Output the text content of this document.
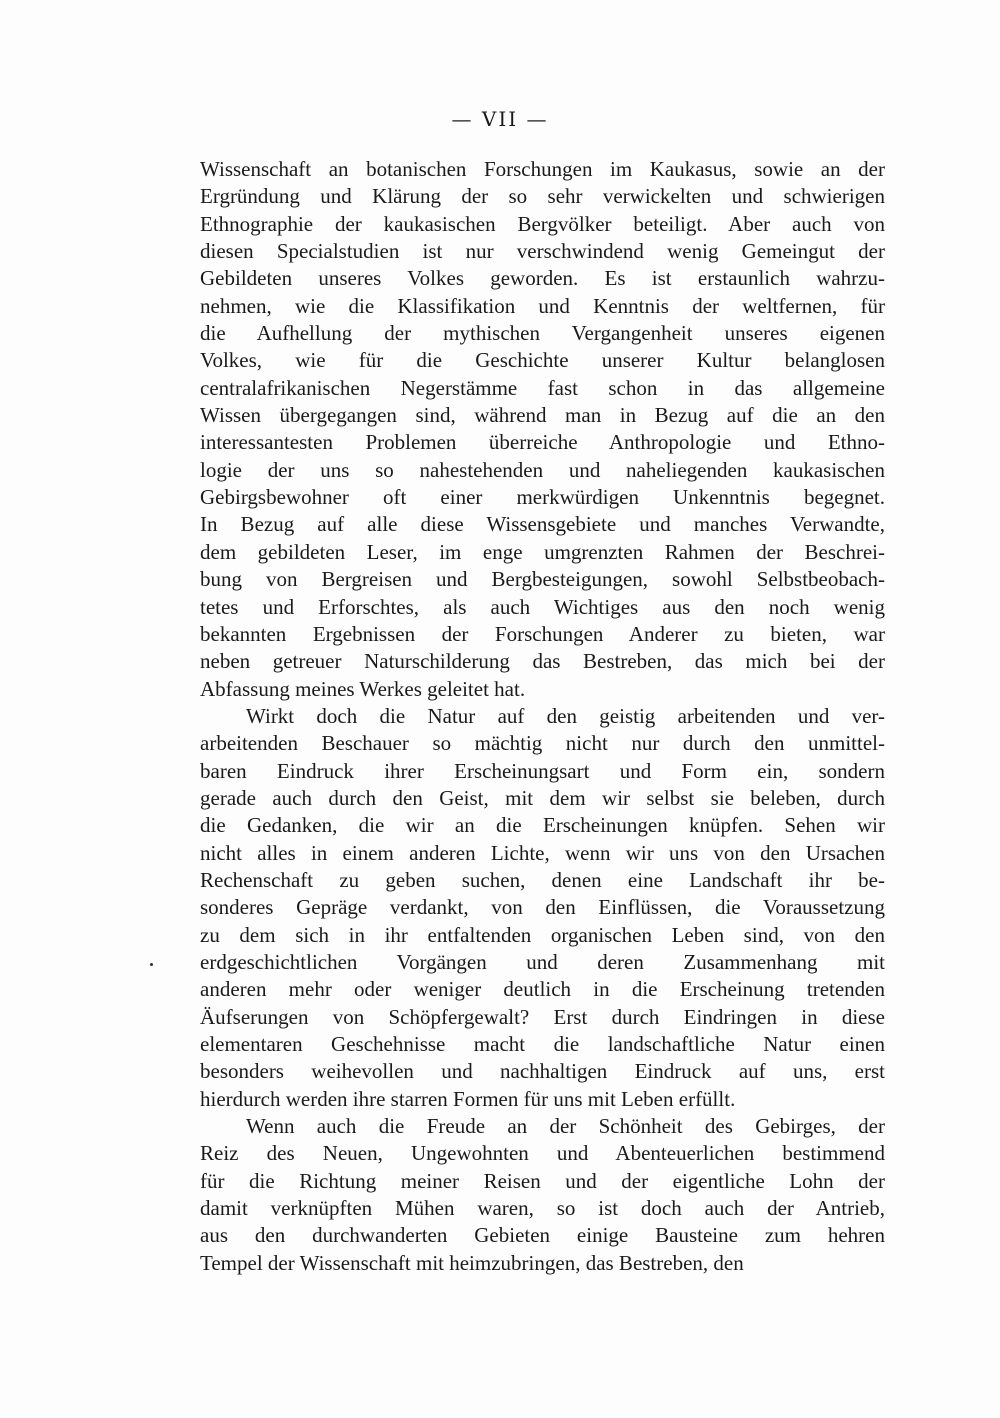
— VII —
Wissenschaft an botanischen Forschungen im Kaukasus, sowie an der
Ergründung und Klärung der so sehr verwickelten und schwierigen
Ethnographie der kaukasischen Bergvölker beteiligt. Aber auch von
diesen Specialstudien ist nur verschwindend wenig Gemeingut der
Gebildeten unseres Volkes geworden. Es ist erstaunlich wahrzu-
nehmen, wie die Klassifikation und Kenntnis der weltfernen, für
die Aufhellung der mythischen Vergangenheit unseres eigenen
Volkes, wie für die Geschichte unserer Kultur belanglosen
centralafrikanischen Negerstämme fast schon in das allgemeine
Wissen übergegangen sind, während man in Bezug auf die an den
interessantesten Problemen überreiche Anthropologie und Ethno-
logie der uns so nahestehenden und naheliegenden kaukasischen
Gebirgsbewohner oft einer merkwürdigen Unkenntnis begegnet.
In Bezug auf alle diese Wissensgebiete und manches Verwandte,
dem gebildeten Leser, im enge umgrenzten Rahmen der Beschrei-
bung von Bergreisen und Bergbesteigungen, sowohl Selbstbeobach-
tetes und Erforschtes, als auch Wichtiges aus den noch wenig
bekannten Ergebnissen der Forschungen Anderer zu bieten, war
neben getreuer Naturschilderung das Bestreben, das mich bei der
Abfassung meines Werkes geleitet hat.
Wirkt doch die Natur auf den geistig arbeitenden und ver-
arbeitenden Beschauer so mächtig nicht nur durch den unmittel-
baren Eindruck ihrer Erscheinungsart und Form ein, sondern
gerade auch durch den Geist, mit dem wir selbst sie beleben, durch
die Gedanken, die wir an die Erscheinungen knüpfen. Sehen wir
nicht alles in einem anderen Lichte, wenn wir uns von den Ursachen
Rechenschaft zu geben suchen, denen eine Landschaft ihr be-
sonderes Gepräge verdankt, von den Einflüssen, die Voraussetzung
zu dem sich in ihr entfaltenden organischen Leben sind, von den
erdgeschichtlichen Vorgängen und deren Zusammenhang mit
anderen mehr oder weniger deutlich in die Erscheinung tretenden
Äufserungen von Schöpfergewalt? Erst durch Eindringen in diese
elementaren Geschehnisse macht die landschaftliche Natur einen
besonders weihevollen und nachhaltigen Eindruck auf uns, erst
hierdurch werden ihre starren Formen für uns mit Leben erfüllt.
Wenn auch die Freude an der Schönheit des Gebirges, der
Reiz des Neuen, Ungewohnten und Abenteuerlichen bestimmend
für die Richtung meiner Reisen und der eigentliche Lohn der
damit verknüpften Mühen waren, so ist doch auch der Antrieb,
aus den durchwanderten Gebieten einige Bausteine zum hehren
Tempel der Wissenschaft mit heimzubringen, das Bestreben, den
